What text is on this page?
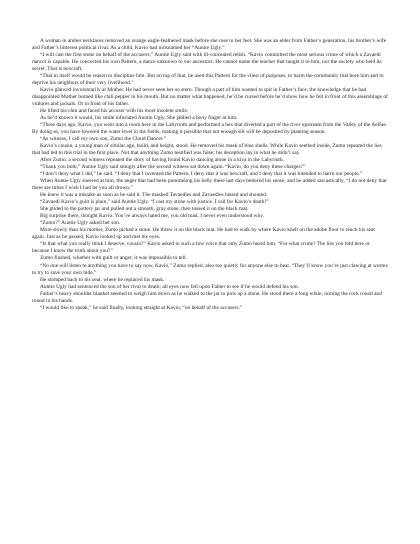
A woman in amber necklaces removed an orange eagle-feathered mask before she rose to her feet. She was an elder from Father’s generation, his brother’s wife and Father’s bitterest political rival. As a child, Kavio had nicknamed her “Auntie Ugly.”

“I will cast the first stone on behalf of the accusers,” Auntie Ugly said with ill-concealed relish. “Kavio committed the most serious crime of which a Zavaedi dancer is capable. He concocted his own Pattern, a dance unknown to our ancestors. He cannot name the teacher that taught it to him, nor the society who held its secret. That is hexcraft.

“That in itself would be reason to discipline him. But on top of that, he used this Pattern for the vilest of purposes, to harm the community that bore him and to deprive his neighbors of their very livelihood.”

Kavio glanced involuntarily at Mother. He had never seen her so stern. Though a part of him wanted to spit in Father’s face, the knowledge that he had disappointed Mother burned like chili pepper in his mouth. But no matter what happened, he’d be cursed before he’d show how he felt in front of this assemblage of vultures and jackals. Or in front of his father.

He lifted his chin and faced his accuser with his most insolent smile.

As he’d known it would, his smile infuriated Auntie Ugly. She jabbed a bony finger at him.

“Three days ago, Kavio, you went into a room here in the Labyrinth and performed a hex that diverted a part of the river upstream from the Valley of the Aelfae. By doing so, you have lowered the water level in the fields, making it possible that not enough silt will be deposited by planting season.

“As witness, I call my own son, Zumo the Cloud Dancer.”

Kavio’s cousin, a young man of similar age, build, and height, stood. He removed his mask of blue shells. While Kavio seethed inside, Zumo repeated the lies that had led to this trial in the first place. Not that anything Zumo testified was false; his deception lay in what he didn’t say.

After Zumo, a second witness repeated the story of having found Kavio dancing alone in a kiva in the Labyrinth.

“Thank you both,” Auntie Ugly said smugly after the second witness sat down again. “Kavio, do you deny these charges?”

“I don’t deny what I did,” he said. “I deny that I invented the Pattern, I deny that it was hexcraft, and I deny that it was intended to harm our people.”

When Auntie Ugly sneered at him, the anger that had been pummeling his belly these last days bettered his sense, and he added sarcastically, “I do not deny that there are times I wish I had let you all drown.”

He knew it was a mistake as soon as he said it. The masked Tavaedies and Zavaedies hissed and shouted.

“Zavaedi Kavio’s guilt is plain,” said Auntie Ugly. “I cast my stone with justice. I call for Kavio’s death!”

She glided to the pottery jar and pulled out a smooth, gray stone, then tossed it on the black mat.

Big surprise there, thought Kavio. You’ve always hated me, you old toad. I never even understood why.

“Zumo?” Auntie Ugly asked her son.

More slowly than his mother, Zumo picked a stone. He threw it on the black mat. He had to walk by where Kavio knelt on the adobe floor to reach his seat again. Just as he passed, Kavio looked up and met his eyes.

“Is that what you really think I deserve, cousin?” Kavio asked in such a low voice that only Zumo heard him. “For what crime? The lies you told here or because I know the truth about you?”

Zumo flushed, whether with guilt or anger, it was impossible to tell.

“No one will listen to anything you have to say now, Kavio,” Zumo replied, also too quietly for anyone else to hear. “They’ll know you’re just clawing at worms to try to save your own hide.”

He stomped back to his seat, where he replaced his mask.

Auntie Ugly had sentenced the son of her rival to death; all eyes now fell upon Father to see if he would defend his son.

Father’s heavy shoulder blanket seemed to weigh him down as he walked to the jar to pick up a stone. He stood there a long while, turning the rock round and round in his hands.

“I would like to speak,” he said finally, looking straight at Kavio, “on behalf of the accusers.”
